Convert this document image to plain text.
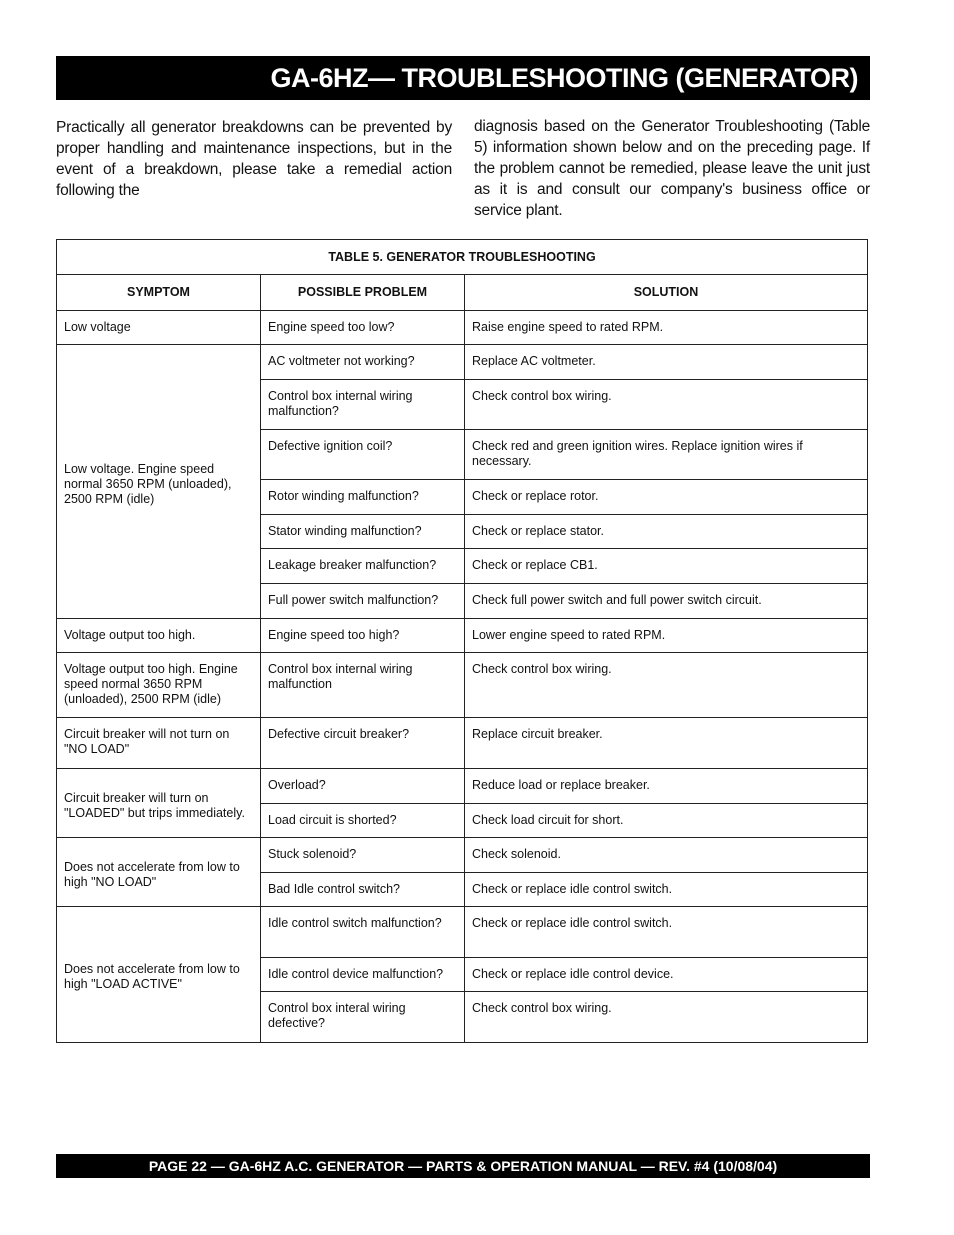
GA-6HZ— TROUBLESHOOTING (GENERATOR)

Practically all generator breakdowns can be prevented by proper handling and maintenance inspections, but in the event of a breakdown, please take a remedial action following the

diagnosis based on the Generator Troubleshooting (Table 5) information shown below and on the preceding page. If the problem cannot be remedied, please leave the unit just as it is and consult our company's business office or service plant.

TABLE 5. GENERATOR TROUBLESHOOTING		
SYMPTOM	POSSIBLE PROBLEM	SOLUTION
Low voltage	Engine speed too low?	Raise engine speed to rated RPM.
Low voltage. Engine speed normal 3650 RPM (unloaded), 2500 RPM (idle)	AC voltmeter not working?	Replace AC voltmeter.
	Control box internal wiring malfunction?	Check control box wiring.
	Defective ignition coil?	Check red and green ignition wires. Replace ignition wires if necessary.
	Rotor winding malfunction?	Check or replace rotor.
	Stator winding malfunction?	Check or replace stator.
	Leakage breaker malfunction?	Check or replace CB1.
	Full power switch malfunction?	Check full power switch and full power switch circuit.
Voltage output too high.	Engine speed too high?	Lower engine speed to rated RPM.
Voltage output too high. Engine speed normal 3650 RPM (unloaded), 2500 RPM (idle)	Control box internal wiring malfunction	Check control box wiring.
Circuit breaker will not turn on "NO LOAD"	Defective circuit breaker?	Replace circuit breaker.
Circuit breaker will turn on "LOADED" but trips immediately.	Overload?	Reduce load or replace breaker.
	Load circuit is shorted?	Check load circuit for short.
Does not accelerate from low to high "NO LOAD"	Stuck solenoid?	Check solenoid.
	Bad Idle control switch?	Check or replace idle control switch.
Does not accelerate from low to high "LOAD ACTIVE"	Idle control switch malfunction?	Check or replace idle control switch.
	Idle control device malfunction?	Check or replace idle control device.
	Control box interal wiring defective?	Check control box wiring.
PAGE 22 — GA-6HZ A.C. GENERATOR — PARTS & OPERATION MANUAL — REV. #4 (10/08/04)
